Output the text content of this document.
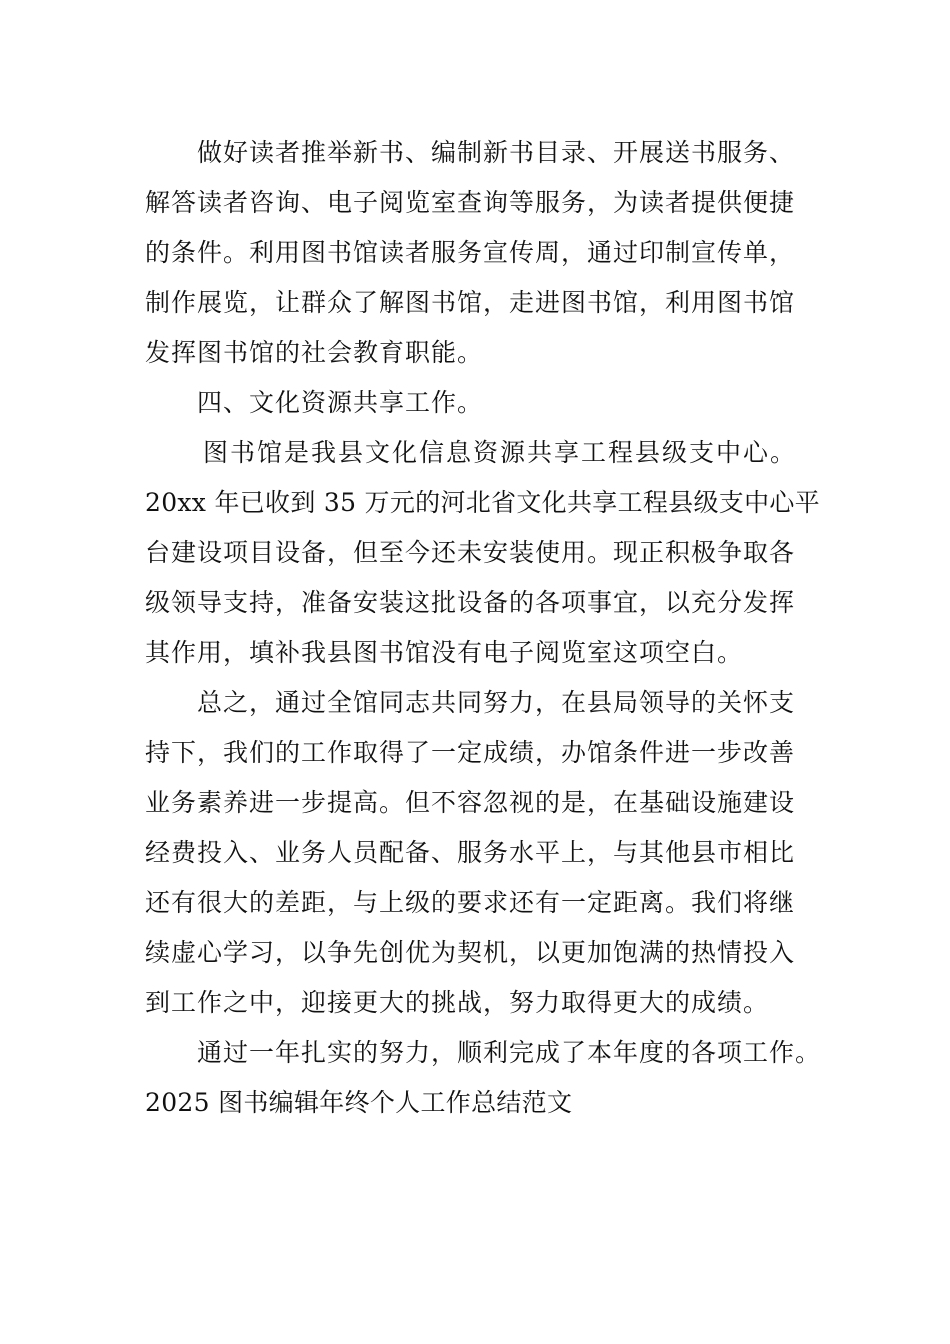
做好读者推举新书、编制新书目录、开展送书服务、
解答读者咨询、电子阅览室查询等服务，为读者提供便捷
的条件。利用图书馆读者服务宣传周，通过印制宣传单，
制作展览，让群众了解图书馆，走进图书馆，利用图书馆
发挥图书馆的社会教育职能。
四、文化资源共享工作。
图书馆是我县文化信息资源共享工程县级支中心。
20xx 年已收到 35 万元的河北省文化共享工程县级支中心平
台建设项目设备，但至今还未安装使用。现正积极争取各
级领导支持，准备安装这批设备的各项事宜，以充分发挥
其作用，填补我县图书馆没有电子阅览室这项空白。
总之，通过全馆同志共同努力，在县局领导的关怀支
持下，我们的工作取得了一定成绩，办馆条件进一步改善
业务素养进一步提高。但不容忽视的是，在基础设施建设
经费投入、业务人员配备、服务水平上，与其他县市相比
还有很大的差距，与上级的要求还有一定距离。我们将继
续虚心学习，以争先创优为契机，以更加饱满的热情投入
到工作之中，迎接更大的挑战，努力取得更大的成绩。
通过一年扎实的努力，顺利完成了本年度的各项工作。
2025 图书编辑年终个人工作总结范文
